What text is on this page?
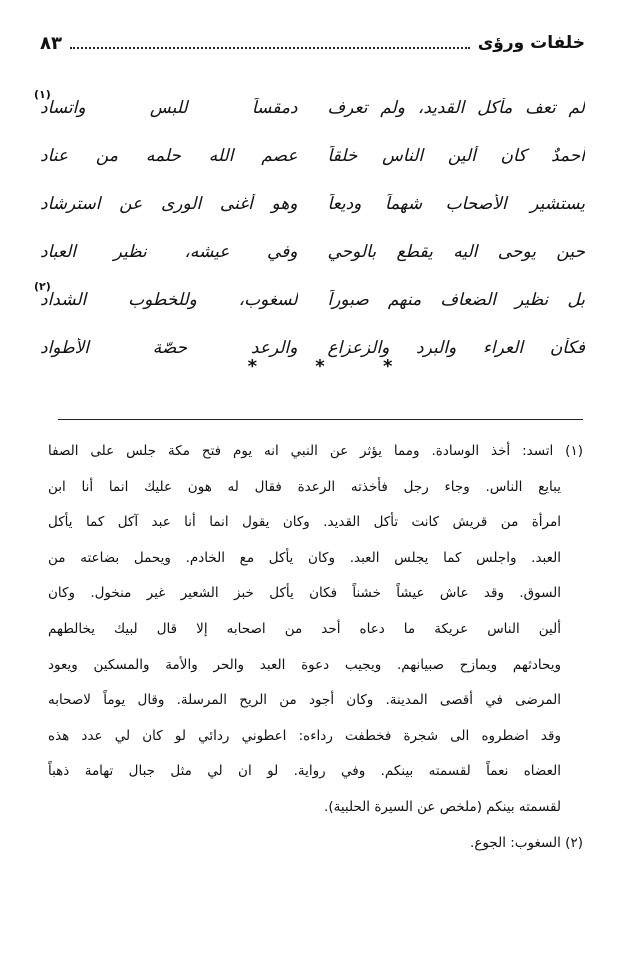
خلفات ورؤى
٨٣
لم تعف مأكل القديد، ولم تعرف
دمقساً للبس واتساد
(١)
أحمدٌ كان ألين الناس خلقاً
عصم الله حلمه من عناد
يستشير الأصحاب شهماً وديعاً
وهو أغنى الورى عن استرشاد
حين يوحى اليه يقطع بالوحي
وفي عيشه، نظير العباد
بل نظير الضعاف منهم صبوراً
لسغوب، وللخطوب الشداد
(٢)
فكأن العراء والبرد والزعزاع
والرعد حصّة الأطواد
*	*	*
(١) اتسد: أخذ الوسادة. ومما يؤثر عن النبي انه يوم فتح مكة جلس على الصفا
يبايع الناس. وجاء رجل فأخذته الرعدة فقال له هون عليك انما أنا ابن
امرأة من قريش كانت تأكل القديد. وكان يقول انما أنا عبد آكل كما يأكل
العبد. واجلس كما يجلس العبد. وكان يأكل مع الخادم. ويحمل بضاعته من
السوق. وقد عاش عيشاً خشناً فكان يأكل خبز الشعير غير منخول. وكان
ألين الناس عريكة ما دعاه أحد من اصحابه إلا قال لبيك يخالطهم
ويحادثهم ويمازح صبيانهم. ويجيب دعوة العبد والحر والأمة والمسكين ويعود
المرضى في أقصى المدينة. وكان أجود من الريح المرسلة. وقال يوماً لاصحابه
وقد اضطروه الى شجرة فخطفت رداءه: اعطوني ردائي لو كان لي عدد هذه
العضاه نعماً لقسمته بينكم. وفي رواية. لو ان لي مثل جبال تهامة ذهباً
لقسمته بينكم (ملخص عن السيرة الحلبية).
(٢) السغوب: الجوع.
